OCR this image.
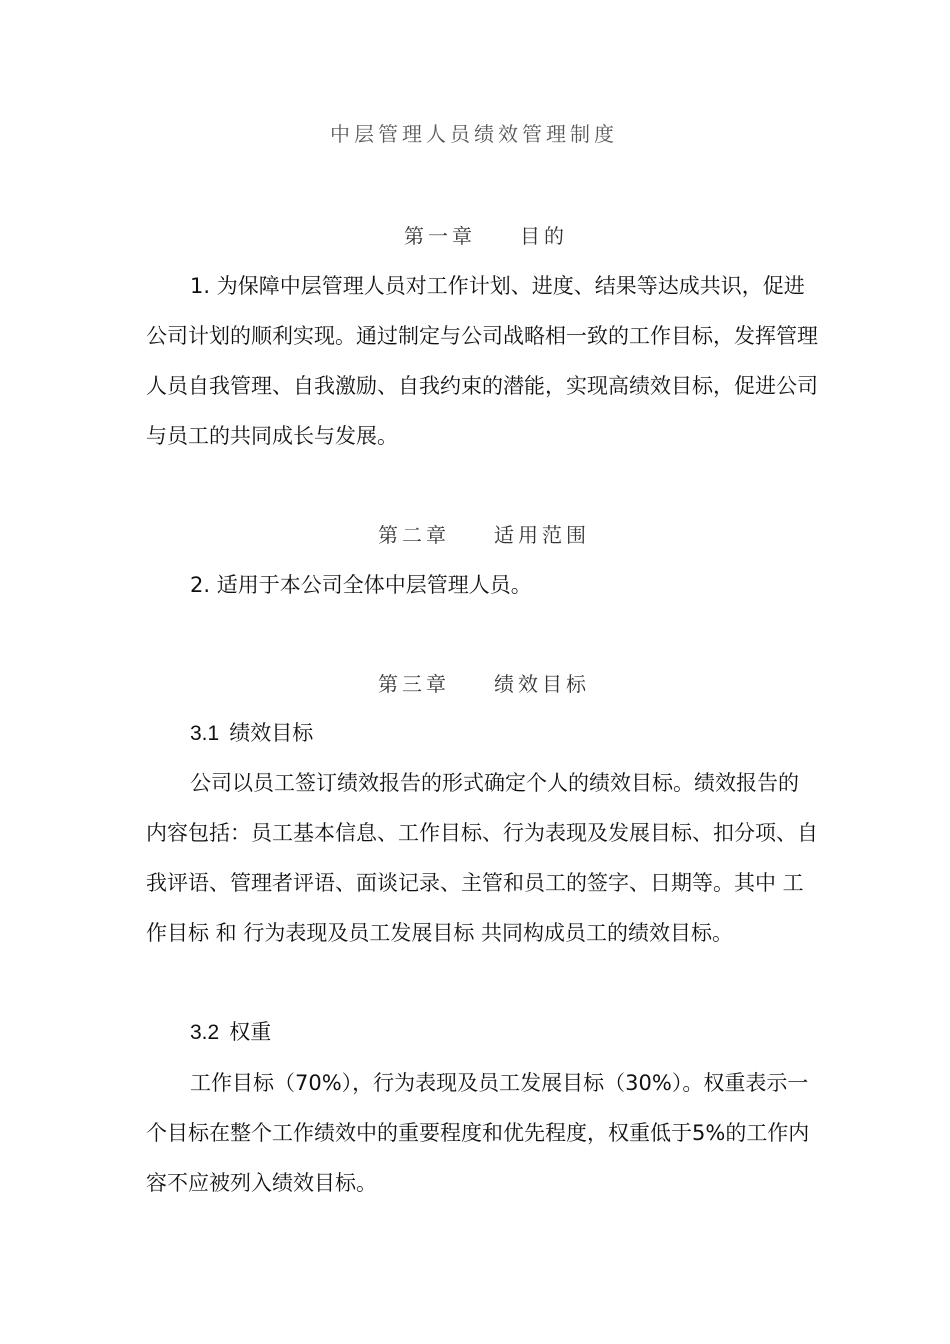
中层管理人员绩效管理制度
第一章 目的

1. 为保障中层管理人员对工作计划、进度、结果等达成共识，促进公司计划的顺利实现。通过制定与公司战略相一致的工作目标，发挥管理人员自我管理、自我激励、自我约束的潜能，实现高绩效目标，促进公司与员工的共同成长与发展。

第二章 适用范围

2. 适用于本公司全体中层管理人员。

第三章 绩效目标
3.1 绩效目标

公司以员工签订绩效报告的形式确定个人的绩效目标。绩效报告的内容包括：员工基本信息、工作目标、行为表现及发展目标、扣分项、自我评语、管理者评语、面谈记录、主管和员工的签字、日期等。其中 工作目标 和 行为表现及员工发展目标 共同构成员工的绩效目标。

3.2 权重

工作目标（70%），行为表现及员工发展目标（30%）。权重表示一个目标在整个工作绩效中的重要程度和优先程度，权重低于5%的工作内容不应被列入绩效目标。
